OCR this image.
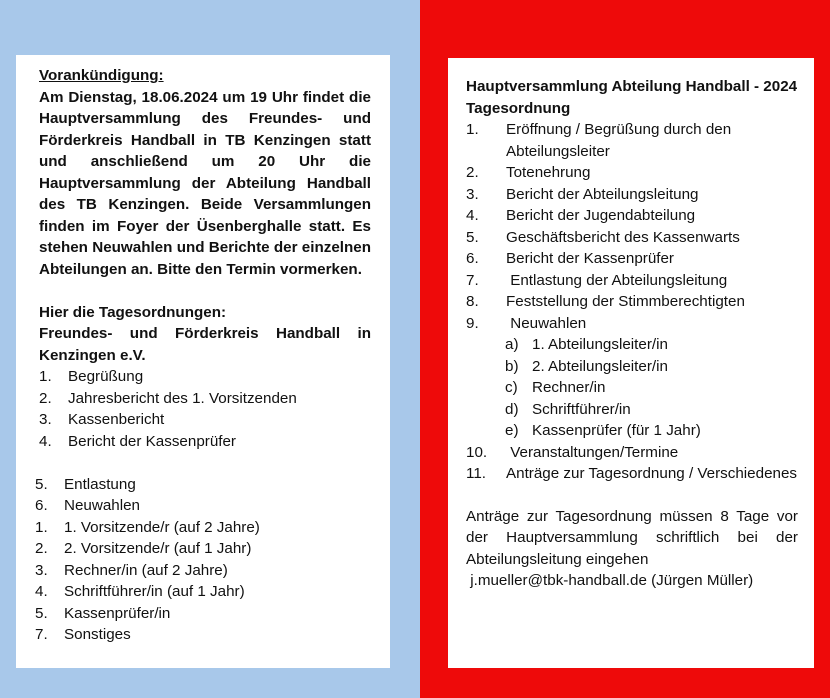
Vorankündigung:
Am Dienstag, 18.06.2024 um 19 Uhr findet die Hauptversammlung des Freundes- und Förderkreis Handball in TB Kenzingen statt und anschließend um 20 Uhr die Hauptversammlung der Abteilung Handball des TB Kenzingen. Beide Versammlungen finden im Foyer der Üsenberghalle statt. Es stehen Neuwahlen und Berichte der einzelnen Abteilungen an. Bitte den Termin vormerken.
Hier die Tagesordnungen:
Freundes- und Förderkreis Handball in Kenzingen e.V.
1.	Begrüßung
2.	Jahresbericht des 1. Vorsitzenden
3.	Kassenbericht
4.	Bericht der Kassenprüfer
5.	Entlastung
6.	Neuwahlen
1.	1. Vorsitzende/r (auf 2 Jahre)
2.	2. Vorsitzende/r (auf 1 Jahr)
3.	Rechner/in (auf 2 Jahre)
4.	Schriftführer/in (auf 1 Jahr)
5.	Kassenprüfer/in
7.	Sonstiges
Hauptversammlung Abteilung Handball - 2024
Tagesordnung
1.	Eröffnung / Begrüßung durch den Abteilungsleiter
2.	Totenehrung
3.	Bericht der Abteilungsleitung
4.	Bericht der Jugendabteilung
5.	Geschäftsbericht des Kassenwarts
6.	Bericht der Kassenprüfer
7.	Entlastung der Abteilungsleitung
8.	Feststellung der Stimmberechtigten
9.	Neuwahlen
a) 1. Abteilungsleiter/in
b) 2. Abteilungsleiter/in
c) Rechner/in
d) Schriftführer/in
e) Kassenprüfer (für 1 Jahr)
10.	Veranstaltungen/Termine
11.	Anträge zur Tagesordnung / Verschiedenes
Anträge zur Tagesordnung müssen 8 Tage vor der Hauptversammlung schriftlich bei der Abteilungsleitung eingehen
j.mueller@tbk-handball.de (Jürgen Müller)
